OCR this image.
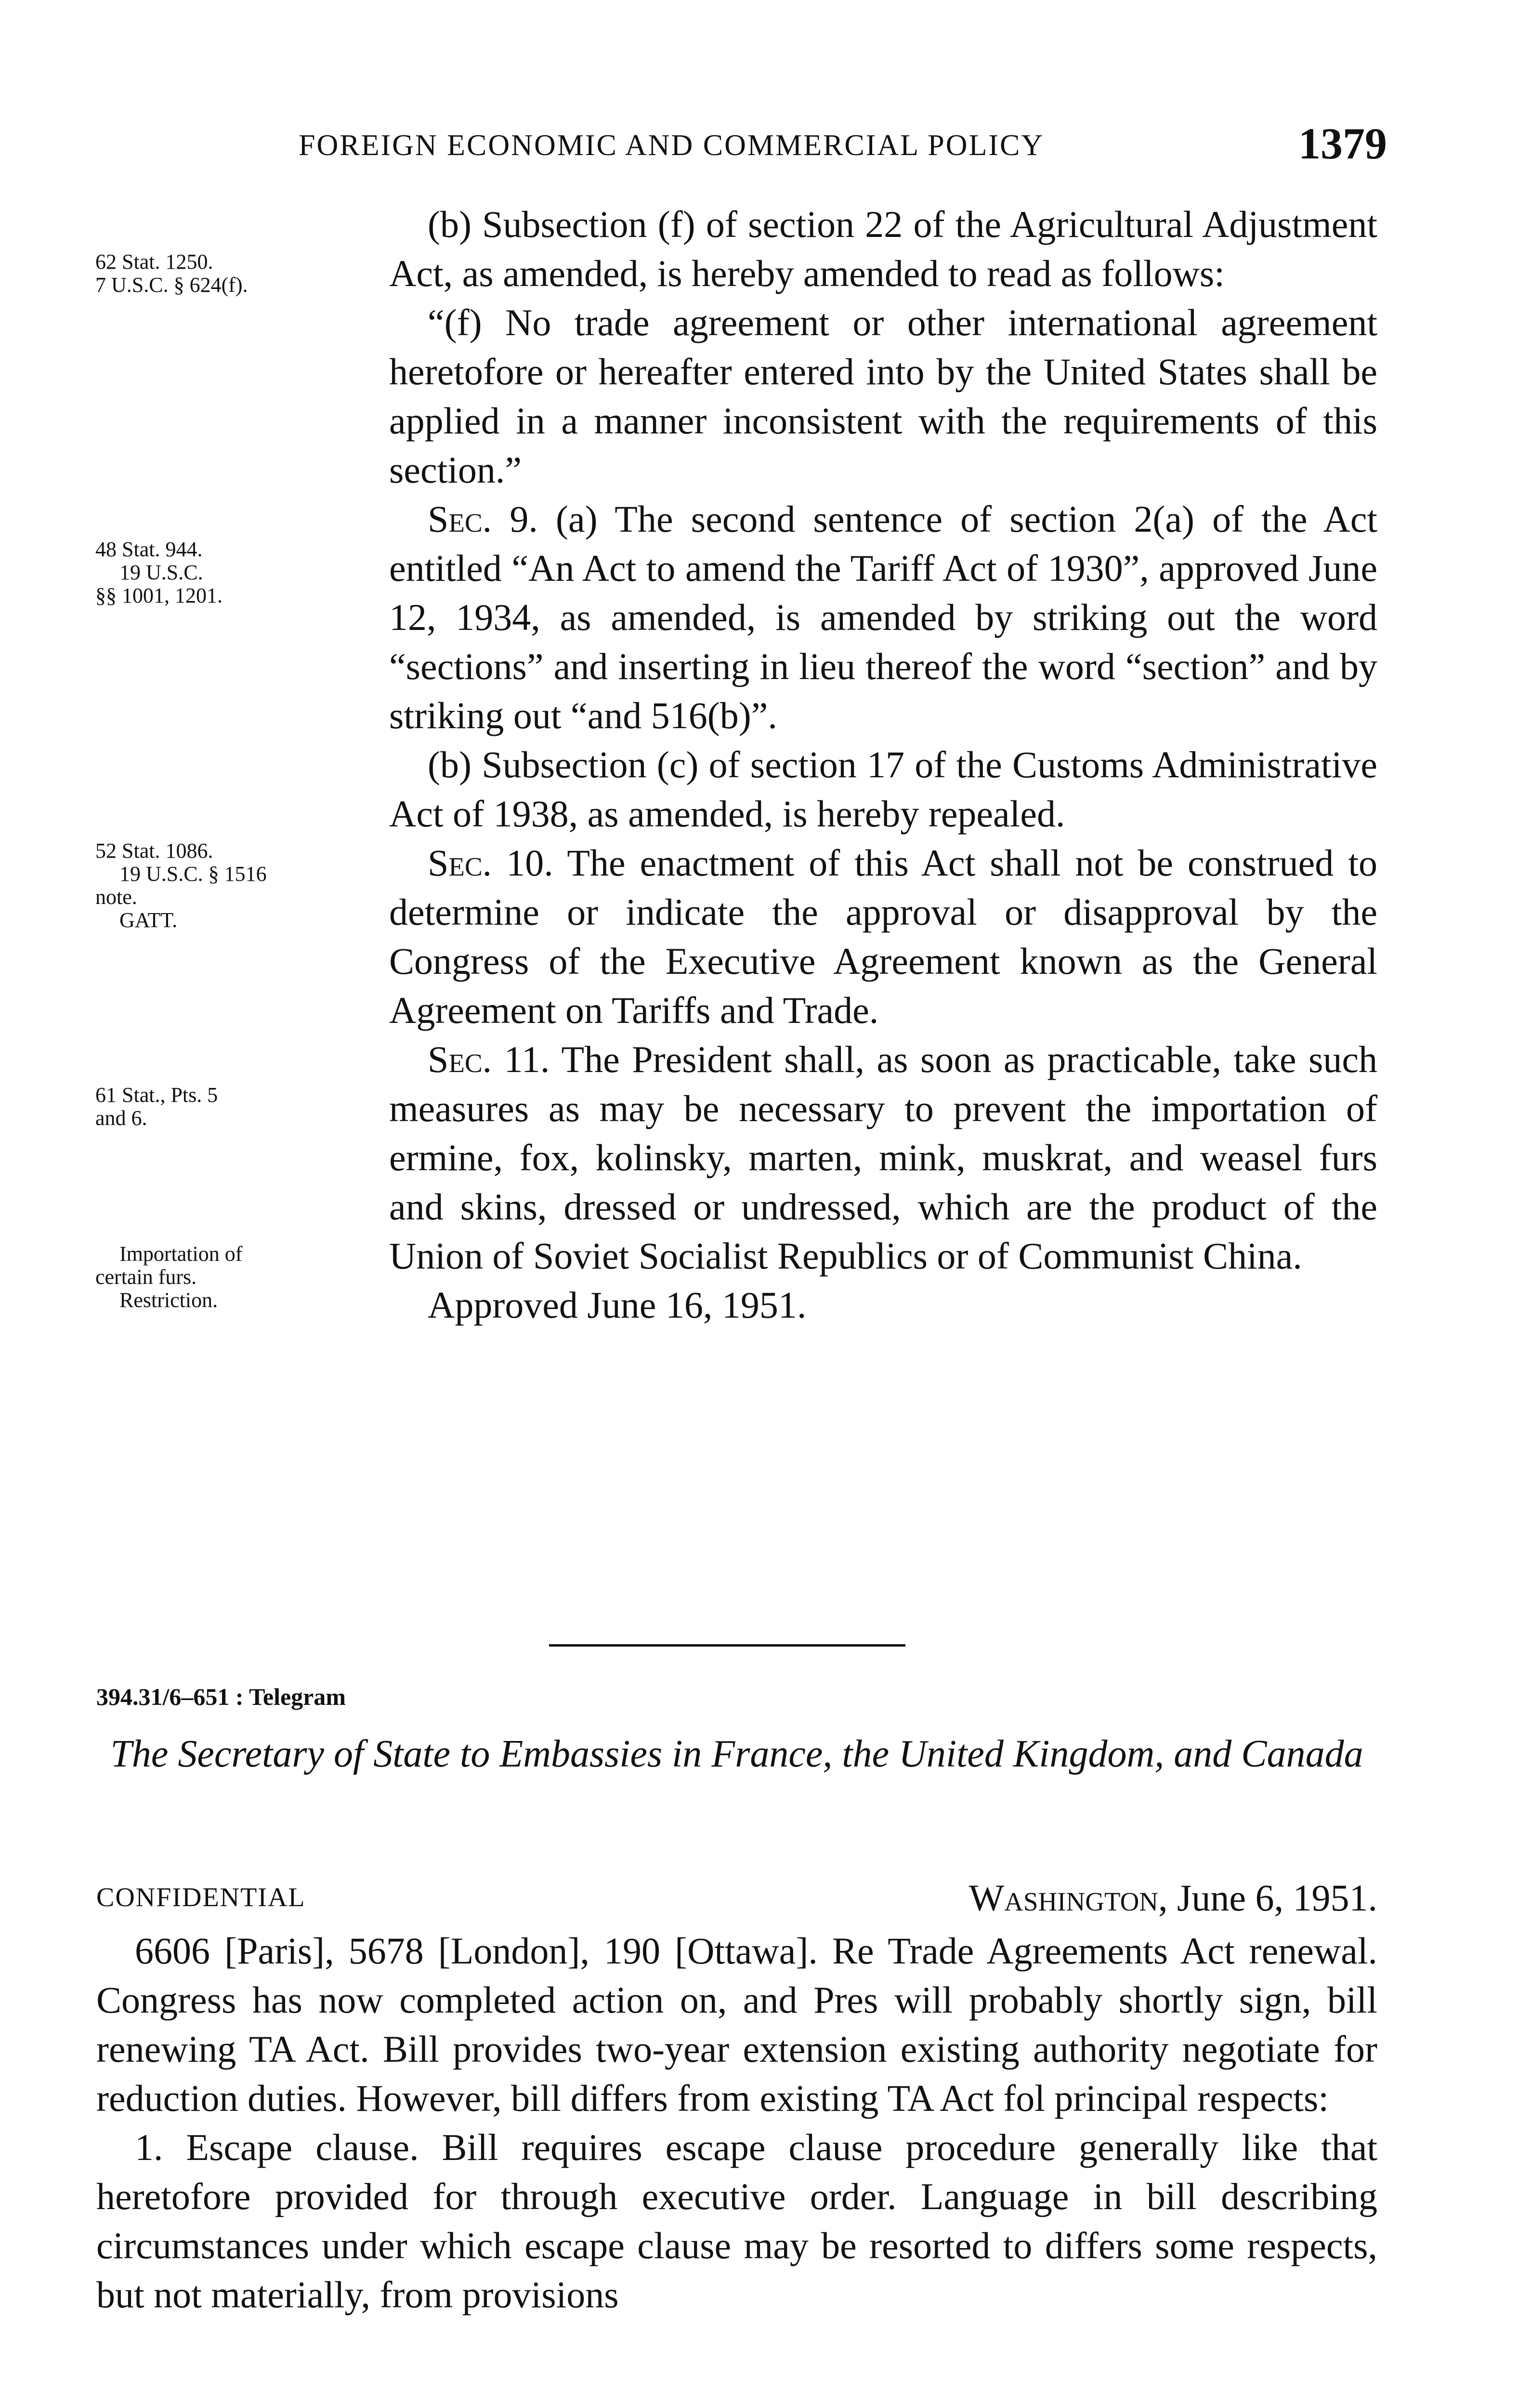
FOREIGN ECONOMIC AND COMMERCIAL POLICY	1379
62 Stat. 1250.
7 U.S.C. § 624(f).
48 Stat. 944.
19 U.S.C.
§§ 1001, 1201.
52 Stat. 1086.
19 U.S.C. § 1516
note.
GATT.
61 Stat., Pts. 5
and 6.
Importation of
certain furs.
Restriction.

(b) Subsection (f) of section 22 of the Agricultural Adjustment Act, as amended, is hereby amended to read as follows:

“(f) No trade agreement or other international agreement heretofore or hereafter entered into by the United States shall be applied in a manner inconsistent with the requirements of this section.”

Sec. 9. (a) The second sentence of section 2(a) of the Act entitled “An Act to amend the Tariff Act of 1930”, approved June 12, 1934, as amended, is amended by striking out the word “sections” and inserting in lieu thereof the word “section” and by striking out “and 516(b)”.

(b) Subsection (c) of section 17 of the Customs Administrative Act of 1938, as amended, is hereby repealed.

Sec. 10. The enactment of this Act shall not be construed to determine or indicate the approval or disapproval by the Congress of the Executive Agreement known as the General Agreement on Tariffs and Trade.

Sec. 11. The President shall, as soon as practicable, take such measures as may be necessary to prevent the importation of ermine, fox, kolinsky, marten, mink, muskrat, and weasel furs and skins, dressed or undressed, which are the product of the Union of Soviet Socialist Republics or of Communist China.

Approved June 16, 1951.

394.31/6–651 : Telegram
The Secretary of State to Embassies in France, the United Kingdom, and Canada
CONFIDENTIAL	Washington, June 6, 1951.

6606 [Paris], 5678 [London], 190 [Ottawa]. Re Trade Agreements Act renewal. Congress has now completed action on, and Pres will probably shortly sign, bill renewing TA Act. Bill provides two-year extension existing authority negotiate for reduction duties. However, bill differs from existing TA Act fol principal respects:

1. Escape clause. Bill requires escape clause procedure generally like that heretofore provided for through executive order. Language in bill describing circumstances under which escape clause may be resorted to differs some respects, but not materially, from provisions
